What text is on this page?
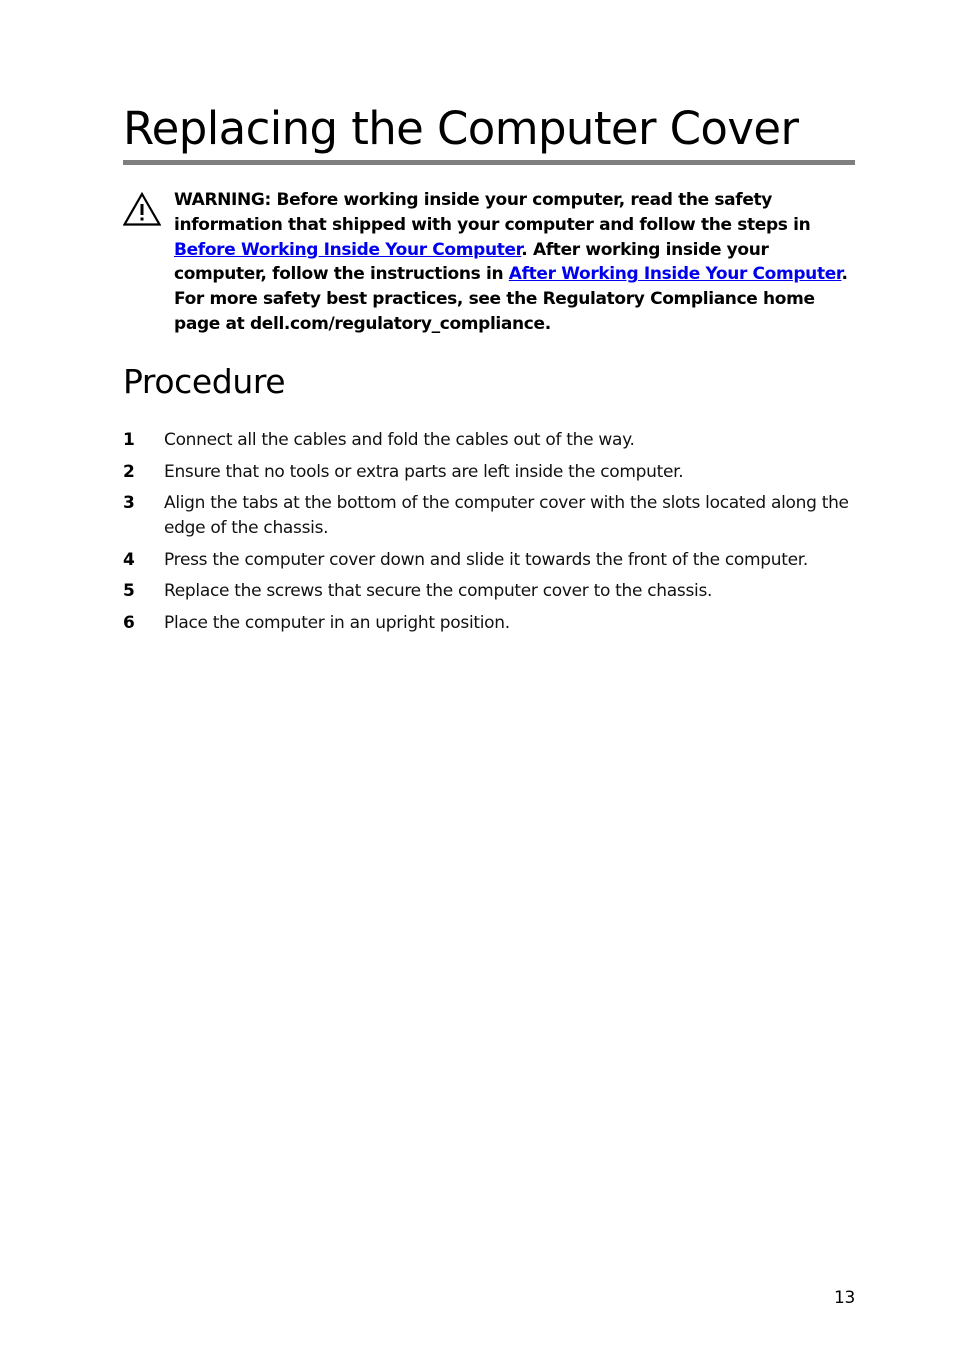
Replacing the Computer Cover
WARNING: Before working inside your computer, read the safety information that shipped with your computer and follow the steps in Before Working Inside Your Computer. After working inside your computer, follow the instructions in After Working Inside Your Computer. For more safety best practices, see the Regulatory Compliance home page at dell.com/regulatory_compliance.
Procedure
1 Connect all the cables and fold the cables out of the way.
2 Ensure that no tools or extra parts are left inside the computer.
3 Align the tabs at the bottom of the computer cover with the slots located along the edge of the chassis.
4 Press the computer cover down and slide it towards the front of the computer.
5 Replace the screws that secure the computer cover to the chassis.
6 Place the computer in an upright position.
13
